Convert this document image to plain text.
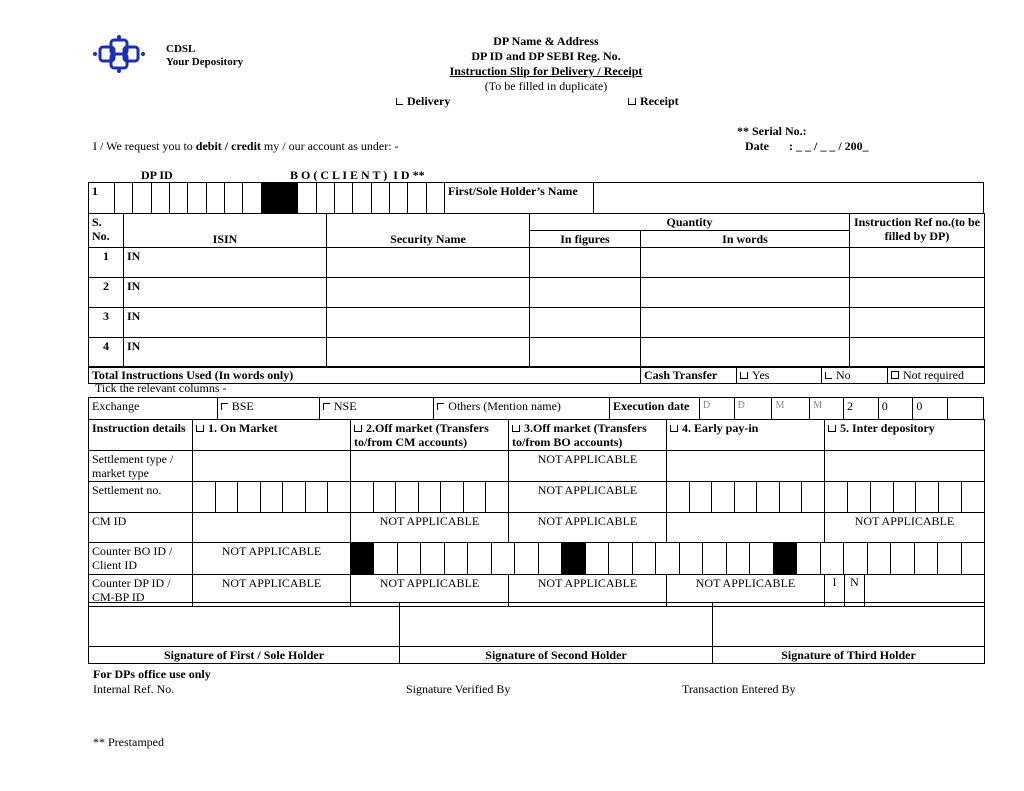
CDSL
Your Depository
DP Name & Address
DP ID and DP SEBI Reg. No.
Instruction Slip for Delivery / Receipt
(To be filled in duplicate)
Delivery	Receipt
I / We request you to debit / credit my / our account as under: -
** Serial No.:
Date : _ _ / _ _ / 200_
DP ID	B O ( C L I E N T )  I D **
1																			First/Sole Holder’s Name	
S. No.	ISIN	Security Name	Quantity		Instruction Ref no.(to be filled by DP)
			In figures	In words	
1	IN				
2	IN				
3	IN				
4	IN				
Total Instructions Used (In words only)	Cash Transfer	Yes	No	Not required
Tick the relevant columns -
Exchange	BSE	NSE	Others (Mention name)	Execution date	D	D	M	M	2	0	0	
Instruction details	1. On Market	2.Off market (Transfers to/from CM accounts)	3.Off market (Transfers to/from BO accounts)	4. Early pay-in	5. Inter depository
Settlement type / market type			NOT APPLICABLE		
Settlement no.			NOT APPLICABLE	

CM ID		NOT APPLICABLE	NOT APPLICABLE		NOT APPLICABLE
Counter BO ID / Client ID	NOT APPLICABLE				

Counter DP ID / CM-BP ID	NOT APPLICABLE	NOT APPLICABLE	NOT APPLICABLE	NOT APPLICABLE	I N

Signature of First / Sole Holder	Signature of Second Holder	Signature of Third Holder
For DPs office use only
Internal Ref. No.	Signature Verified By	Transaction Entered By
** Prestamped
